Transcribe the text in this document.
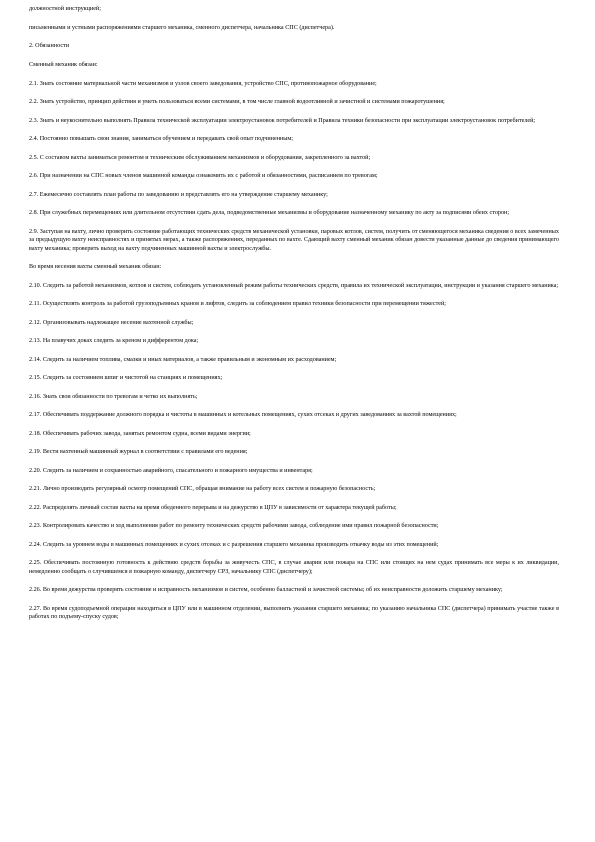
должностной инструкцией;

письменными и устными распоряжениями старшего механика, сменного диспетчера, начальника СПС (диспетчера).

2. Обязанности

Сменный механик обязан:

2.1. Знать состояние материальной части механизмов и узлов своего заведования, устройство СПС, противопожарное оборудование;

2.2. Знать устройство, принцип действия и уметь пользоваться всеми системами, в том числе главной водоотливной и зачистной и системами пожаротушения;

2.3. Знать и неукоснительно выполнять Правила технической эксплуатации электроустановок потребителей и Правила техники безопасности при эксплуатации электроустановок потребителей;

2.4. Постоянно повышать свои знания, заниматься обучением и передавать свой опыт подчиненным;

2.5. С составом вахты заниматься ремонтом и техническим обслуживанием механизмов и оборудования, закрепленного за вахтой;

2.6. При назначении на СПС новых членов машинной команды ознакомить их с работой и обязанностями, расписанием по тревогам;

2.7. Ежемесячно составлять план работы по заведованию и представлять его на утверждение старшему механику;

2.8. При служебных перемещениях или длительном отсутствии сдать дела, подведомственные механизмы и оборудование назначенному механику по акту за подписями обеих сторон;

2.9. Заступая на вахту, лично проверить состояние работающих технических средств механической установки, паровых котлов, систем, получить от сменяющегося механика сведения о всех замеченных за предыдущую вахту неисправностях и принятых мерах, а также распоряжениях, переданных по вахте. Сдающий вахту сменный механик обязан довести указанные данные до сведения принимающего вахту механика; проверить выход на вахту подчиненных машинной вахты и электрослужбы.

Во время несения вахты сменный механик обязан:

2.10. Следить за работой механизмов, котлов и систем, соблюдать установленный режим работы технических средств, правила их технической эксплуатации, инструкции и указания старшего механика;

2.11. Осуществлять контроль за работой грузоподъемных кранов и лифтов, следить за соблюдением правил техники безопасности при перемещении тяжестей;

2.12. Организовывать надлежащее несение вахтенной службы;

2.13. На плавучих доках следить за креном и дифферентом дока;

2.14. Следить за наличием топлива, смазки и иных материалов, а также правильным и экономным их расходованием;

2.15. Следить за состоянием шпиг и чистотой на станциях и помещениях;

2.16. Знать свои обязанности по тревогам и четко их выполнять;

2.17. Обеспечивать поддержание должного порядка и чистоты в машинных и котельных помещениях, сухих отсеках и других заведованиях за вахтой помещениях;

2.18. Обеспечивать рабочих завода, занятых ремонтом судна, всеми видами энергии;

2.19. Вести вахтенный машинный журнал в соответствии с правилами его ведения;

2.20. Следить за наличием и сохранностью аварийного, спасательного и пожарного имущества и инвентаря;

2.21. Лично производить регулярный осмотр помещений СПС, обращая внимание на работу всех систем и пожарную безопасность;

2.22. Распределять личный состав вахты на время обеденного перерыва и на дежурство в ЦПУ в зависимости от характера текущей работы;

2.23. Контролировать качество и ход выполнения работ по ремонту технических средств рабочими завода, соблюдение ими правил пожарной безопасности;

2.24. Следить за уровнем воды в машинных помещениях и сухих отсеках и с разрешения старшего механика производить откачку воды из этих помещений;

2.25. Обеспечивать постоянную готовность к действию средств борьбы за живучесть СПС, в случае аварии или пожара на СПС или стоящих на нем судах принимать все меры к их ликвидации, немедленно сообщать о случившемся в пожарную команду, диспетчеру СРЗ, начальнику СПС (диспетчеру);

2.26. Во время дежурства проверять состояние и исправность механизмов и систем, особенно балластной и зачистной системы; об их неисправности доложить старшему механику;

2.27. Во время судоподъемной операции находиться в ЦПУ или в машинном отделении, выполнять указания старшего механика; по указанию начальника СПС (диспетчера) принимать участие также в работах по подъему-спуску судов;
